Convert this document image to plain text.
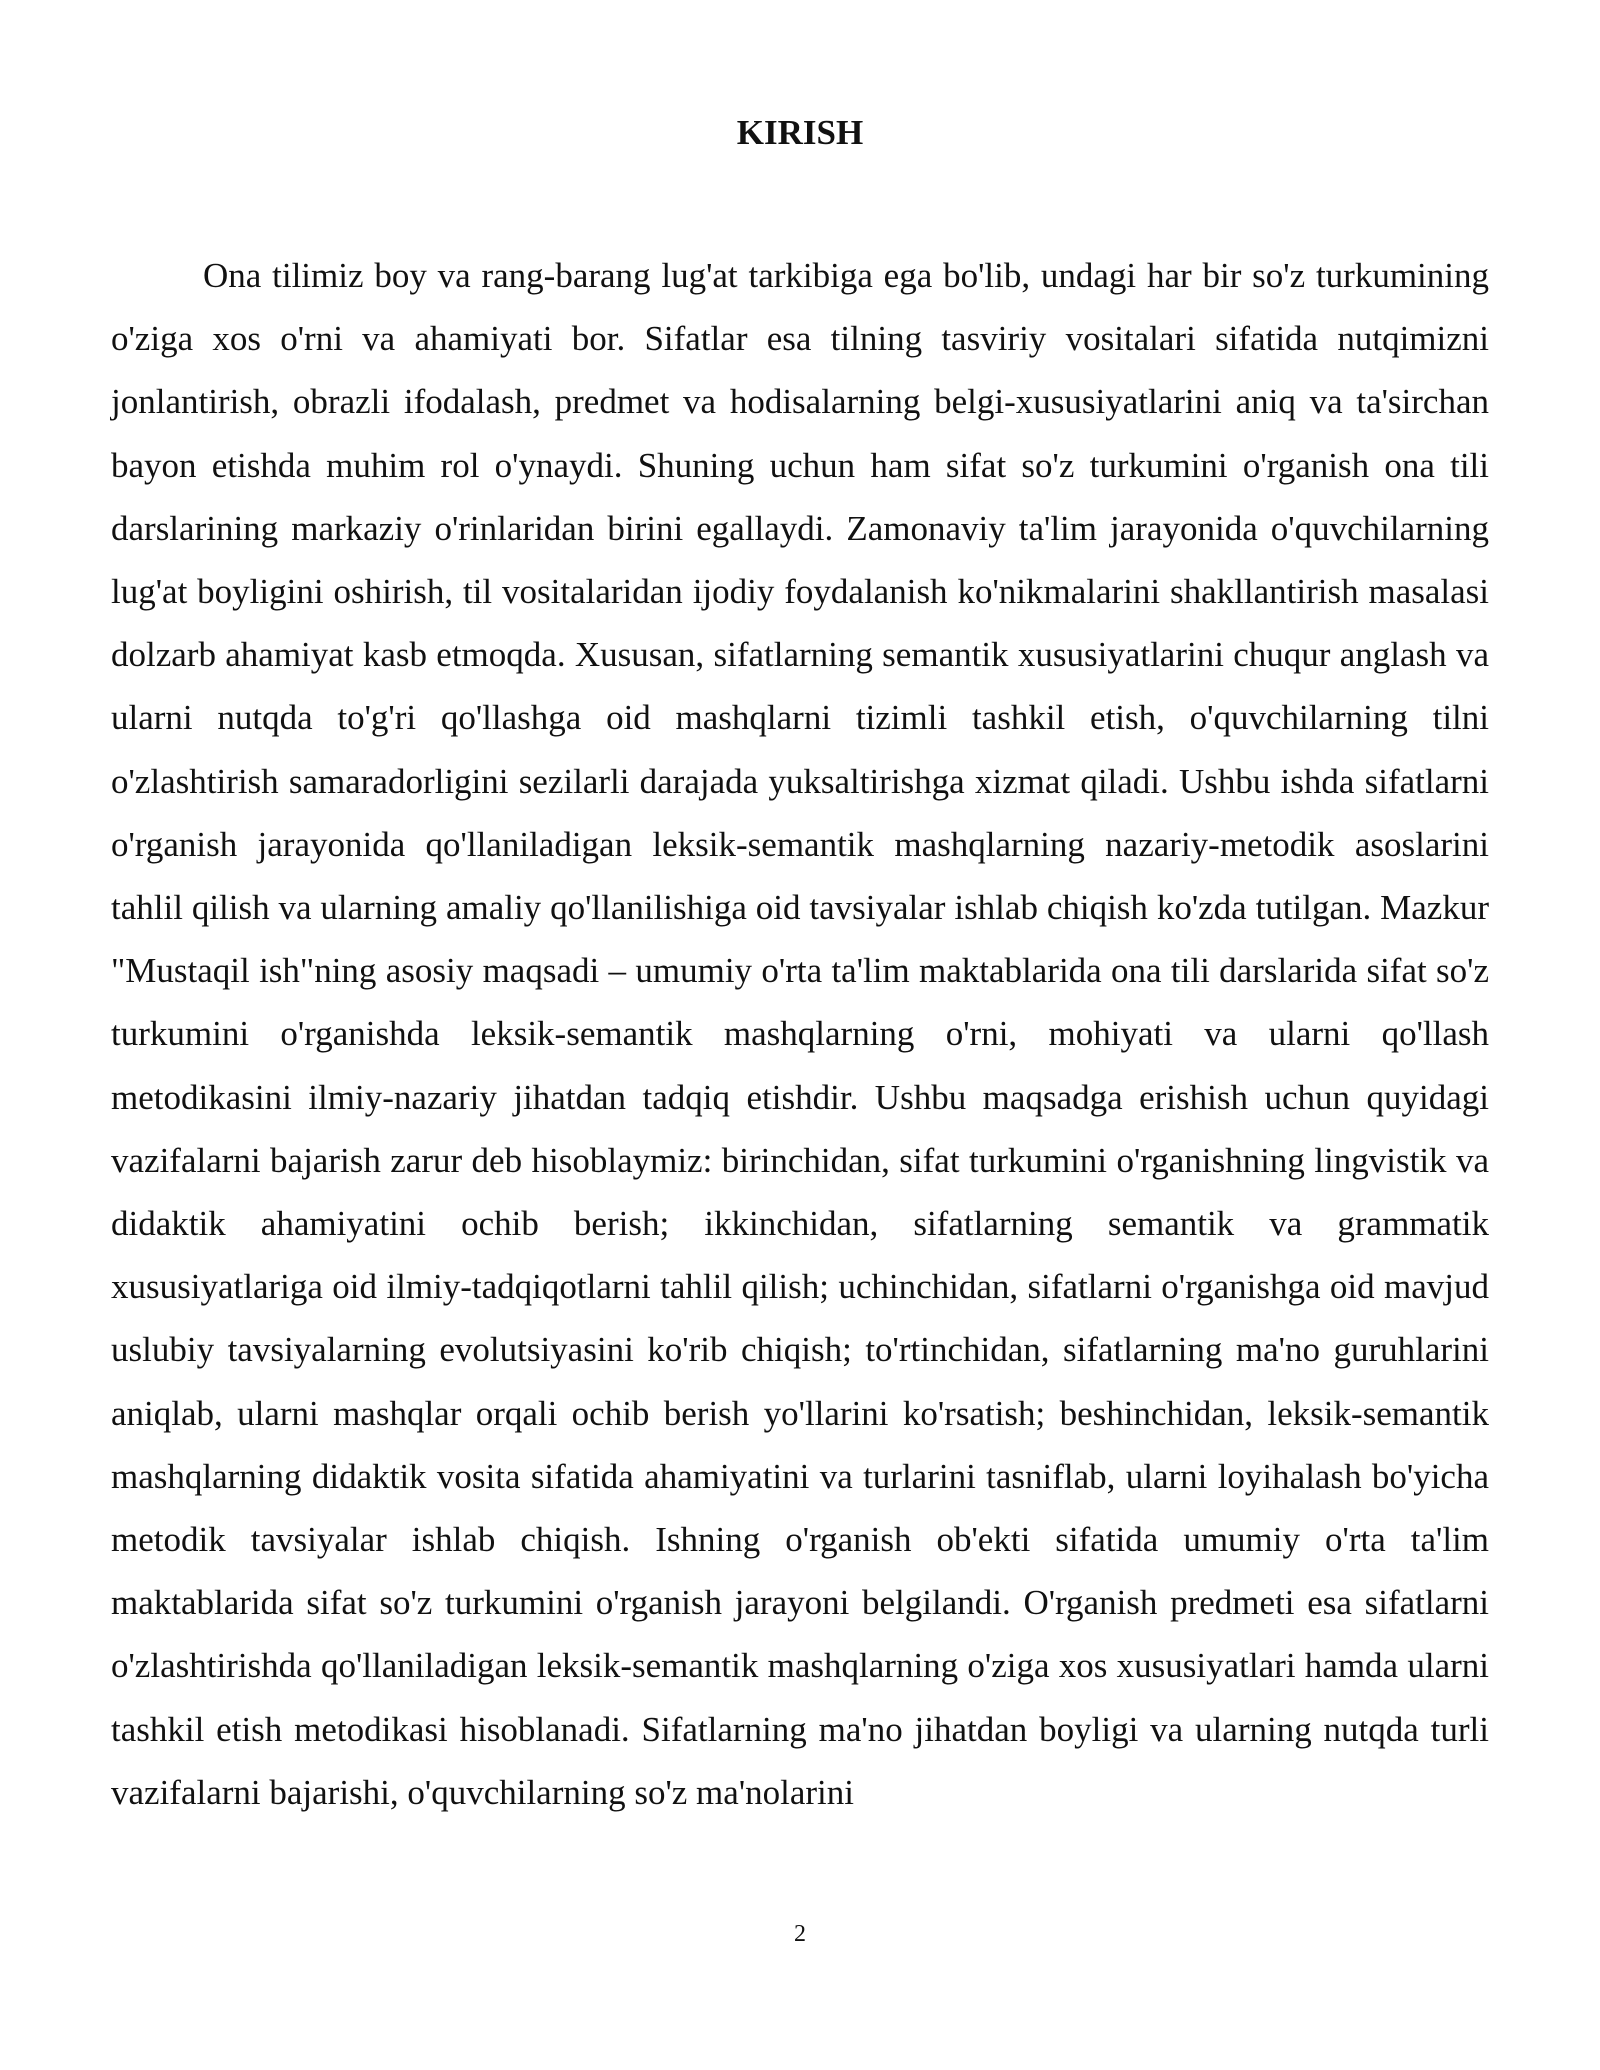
KIRISH

Ona tilimiz boy va rang-barang lug'at tarkibiga ega bo'lib, undagi har bir so'z turkumining o'ziga xos o'rni va ahamiyati bor. Sifatlar esa tilning tasviriy vositalari sifatida nutqimizni jonlantirish, obrazli ifodalash, predmet va hodisalarning belgi-xususiyatlarini aniq va ta'sirchan bayon etishda muhim rol o'ynaydi. Shuning uchun ham sifat so'z turkumini o'rganish ona tili darslarining markaziy o'rinlaridan birini egallaydi. Zamonaviy ta'lim jarayonida o'quvchilarning lug'at boyligini oshirish, til vositalaridan ijodiy foydalanish ko'nikmalarini shakllantirish masalasi dolzarb ahamiyat kasb etmoqda. Xususan, sifatlarning semantik xususiyatlarini chuqur anglash va ularni nutqda to'g'ri qo'llashga oid mashqlarni tizimli tashkil etish, o'quvchilarning tilni o'zlashtirish samaradorligini sezilarli darajada yuksaltirishga xizmat qiladi. Ushbu ishda sifatlarni o'rganish jarayonida qo'llaniladigan leksik-semantik mashqlarning nazariy-metodik asoslarini tahlil qilish va ularning amaliy qo'llanilishiga oid tavsiyalar ishlab chiqish ko'zda tutilgan. Mazkur "Mustaqil ish"ning asosiy maqsadi – umumiy o'rta ta'lim maktablarida ona tili darslarida sifat so'z turkumini o'rganishda leksik-semantik mashqlarning o'rni, mohiyati va ularni qo'llash metodikasini ilmiy-nazariy jihatdan tadqiq etishdir. Ushbu maqsadga erishish uchun quyidagi vazifalarni bajarish zarur deb hisoblaymiz: birinchidan, sifat turkumini o'rganishning lingvistik va didaktik ahamiyatini ochib berish; ikkinchidan, sifatlarning semantik va grammatik xususiyatlariga oid ilmiy-tadqiqotlarni tahlil qilish; uchinchidan, sifatlarni o'rganishga oid mavjud uslubiy tavsiyalarning evolutsiyasini ko'rib chiqish; to'rtinchidan, sifatlarning ma'no guruhlarini aniqlab, ularni mashqlar orqali ochib berish yo'llarini ko'rsatish; beshinchidan, leksik-semantik mashqlarning didaktik vosita sifatida ahamiyatini va turlarini tasniflab, ularni loyihalash bo'yicha metodik tavsiyalar ishlab chiqish. Ishning o'rganish ob'ekti sifatida umumiy o'rta ta'lim maktablarida sifat so'z turkumini o'rganish jarayoni belgilandi. O'rganish predmeti esa sifatlarni o'zlashtirishda qo'llaniladigan leksik-semantik mashqlarning o'ziga xos xususiyatlari hamda ularni tashkil etish metodikasi hisoblanadi. Sifatlarning ma'no jihatdan boyligi va ularning nutqda turli vazifalarni bajarishi, o'quvchilarning so'z ma'nolarini

2
